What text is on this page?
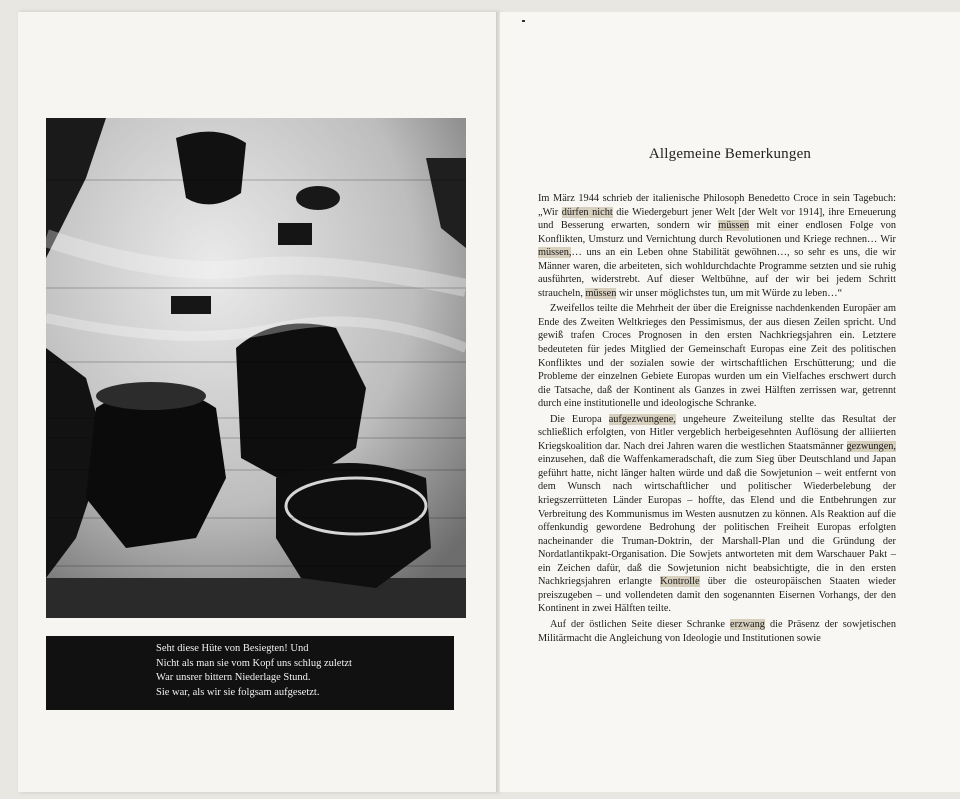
Seht diese Hüte von Besiegten! Und
Nicht als man sie vom Kopf uns schlug zuletzt
War unsrer bittern Niederlage Stund.
Sie war, als wir sie folgsam aufgesetzt.
Allgemeine Bemerkungen

Im März 1944 schrieb der italienische Philosoph Benedetto Croce in sein Tagebuch: „Wir dürfen nicht die Wiedergeburt jener Welt [der Welt vor 1914], ihre Erneuerung und Besserung erwarten, sondern wir müssen mit einer endlosen Folge von Konflikten, Umsturz und Vernichtung durch Revolutionen und Kriege rechnen… Wir müssen,… uns an ein Leben ohne Stabilität gewöhnen…, so sehr es uns, die wir Männer waren, die arbeiteten, sich wohldurchdachte Programme setzten und sie ruhig ausführten, widerstrebt. Auf dieser Weltbühne, auf der wir bei jedem Schritt straucheln, müssen wir unser möglichstes tun, um mit Würde zu leben…“

Zweifellos teilte die Mehrheit der über die Ereignisse nachdenkenden Europäer am Ende des Zweiten Weltkrieges den Pessimismus, der aus diesen Zeilen spricht. Und gewiß trafen Croces Prognosen in den ersten Nachkriegsjahren ein. Letztere bedeuteten für jedes Mitglied der Gemeinschaft Europas eine Zeit des politischen Konfliktes und der sozialen sowie der wirtschaftlichen Erschütterung; und die Probleme der einzelnen Gebiete Europas wurden um ein Vielfaches erschwert durch die Tatsache, daß der Kontinent als Ganzes in zwei Hälften zerrissen war, getrennt durch eine institutionelle und ideologische Schranke.

Die Europa aufgezwungene, ungeheure Zweiteilung stellte das Resultat der schließlich erfolgten, von Hitler vergeblich herbeigesehnten Auflösung der alliierten Kriegskoalition dar. Nach drei Jahren waren die westlichen Staatsmänner gezwungen, einzusehen, daß die Waffenkameradschaft, die zum Sieg über Deutschland und Japan geführt hatte, nicht länger halten würde und daß die Sowjetunion – weit entfernt von dem Wunsch nach wirtschaftlicher und politischer Wiederbelebung der kriegszerrütteten Länder Europas – hoffte, das Elend und die Entbehrungen zur Verbreitung des Kommunismus im Westen ausnutzen zu können. Als Reaktion auf die offenkundig gewordene Bedrohung der politischen Freiheit Europas erfolgten nacheinander die Truman-Doktrin, der Marshall-Plan und die Gründung der Nordatlantikpakt-Organisation. Die Sowjets antworteten mit dem Warschauer Pakt – ein Zeichen dafür, daß die Sowjetunion nicht beabsichtigte, die in den ersten Nachkriegsjahren erlangte Kontrolle über die osteuropäischen Staaten wieder preiszugeben – und vollendeten damit den sogenannten Eisernen Vorhangs, der den Kontinent in zwei Hälften teilte.

Auf der östlichen Seite dieser Schranke erzwang die Präsenz der sowjetischen Militärmacht die Angleichung von Ideologie und Institutionen sowie
